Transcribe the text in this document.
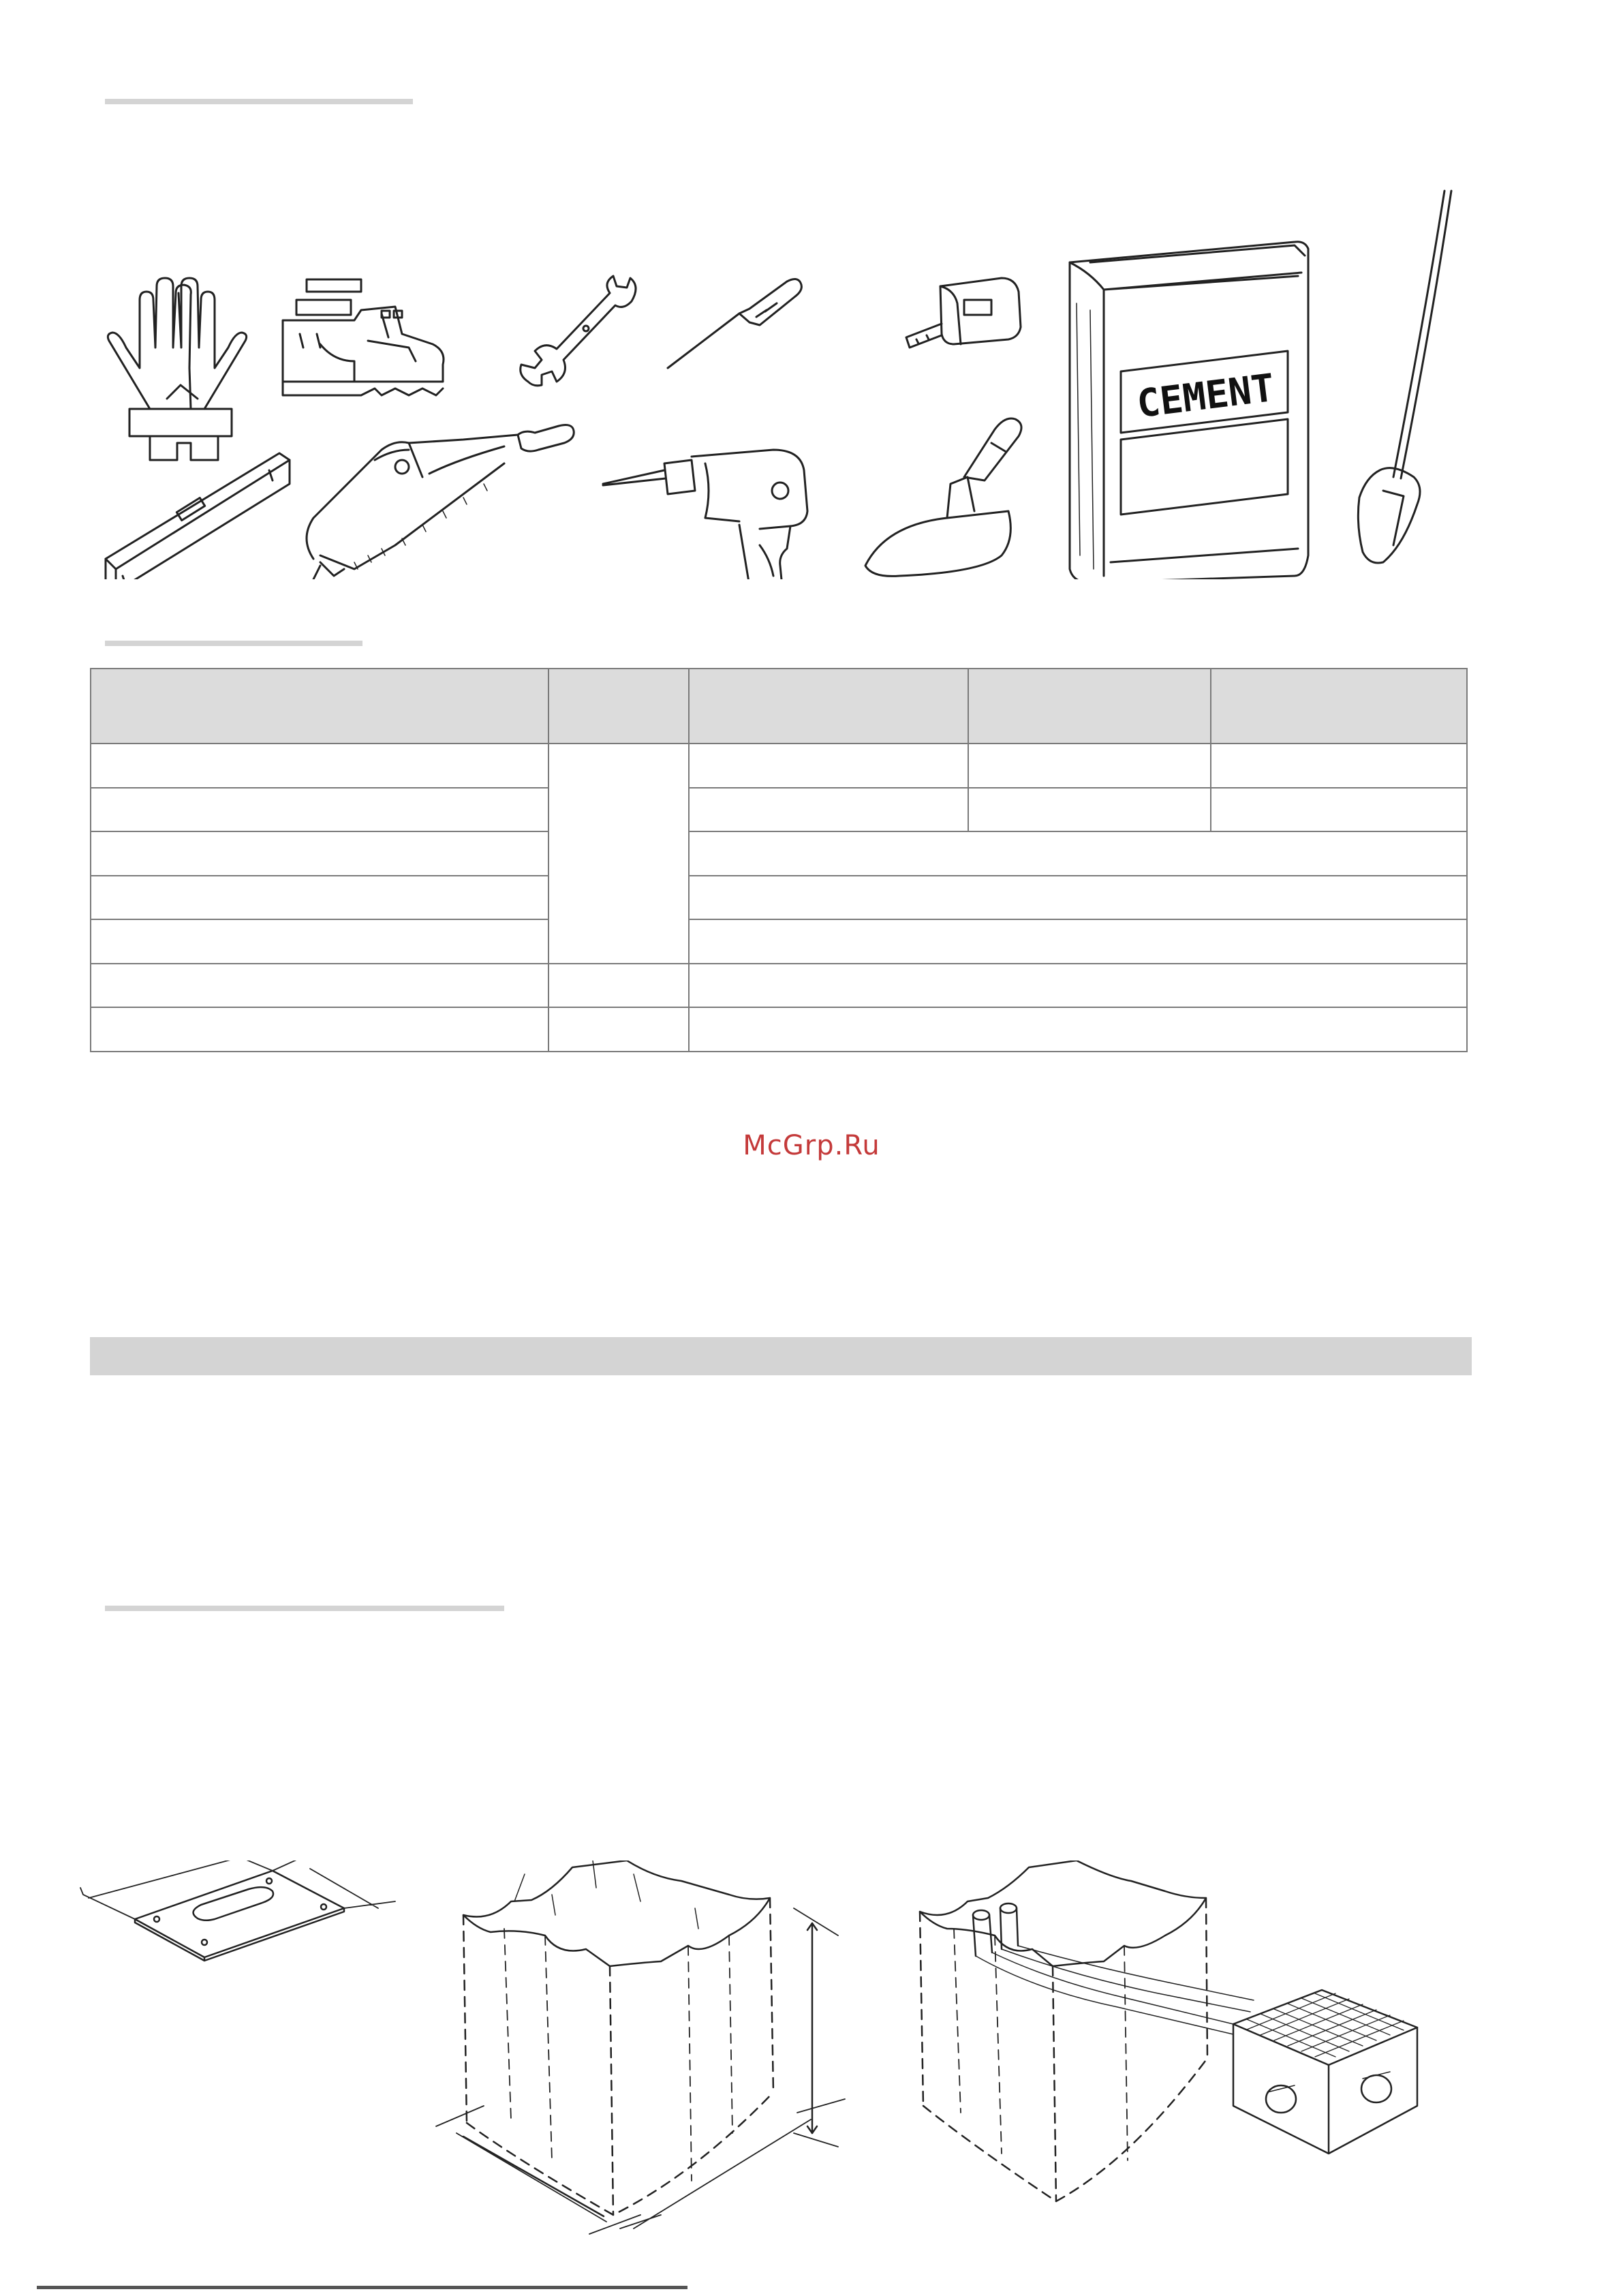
CEMENT

McGrp.Ru
